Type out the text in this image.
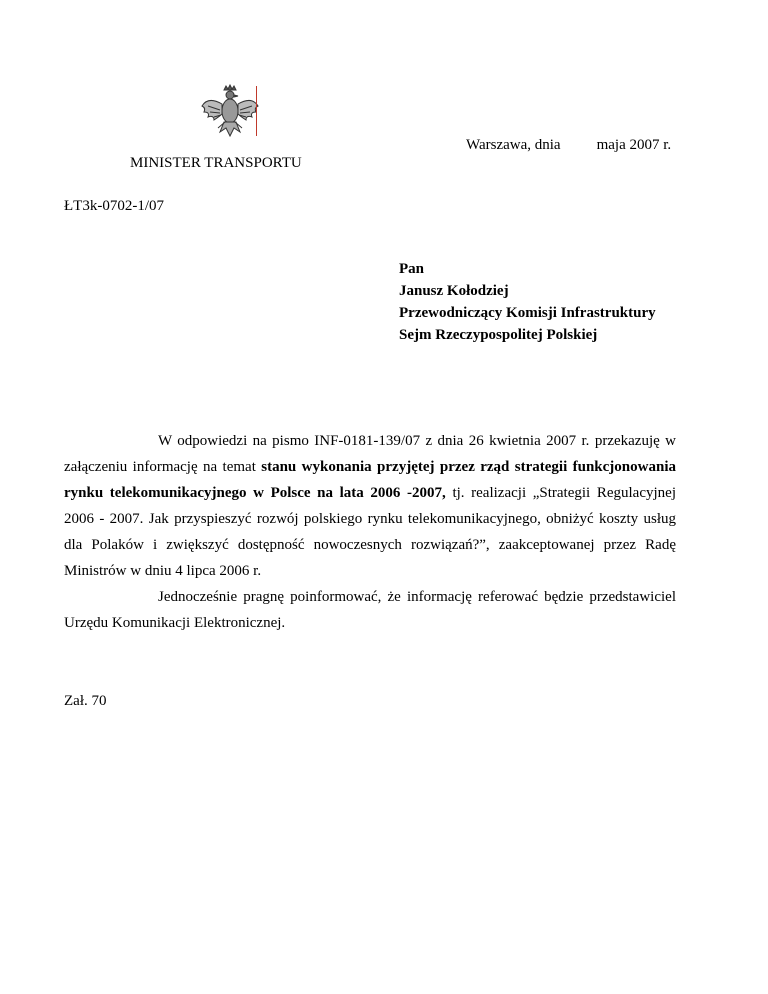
Warszawa, dnia maja 2007 r.
MINISTER TRANSPORTU
ŁT3k-0702-1/07
Pan
Janusz Kołodziej
Przewodniczący Komisji Infrastruktury
Sejm Rzeczypospolitej Polskiej
W odpowiedzi na pismo INF-0181-139/07 z dnia 26 kwietnia 2007 r. przekazuję w załączeniu informację na temat stanu wykonania przyjętej przez rząd strategii funkcjonowania rynku telekomunikacyjnego w Polsce na lata 2006 -2007, tj. realizacji „Strategii Regulacyjnej 2006 - 2007. Jak przyspieszyć rozwój polskiego rynku telekomunikacyjnego, obniżyć koszty usług dla Polaków i zwiększyć dostępność nowoczesnych rozwiązań?”, zaakceptowanej przez Radę Ministrów w dniu 4 lipca 2006 r.
Jednocześnie pragnę poinformować, że informację referować będzie przedstawiciel Urzędu Komunikacji Elektronicznej.
Zał. 70
